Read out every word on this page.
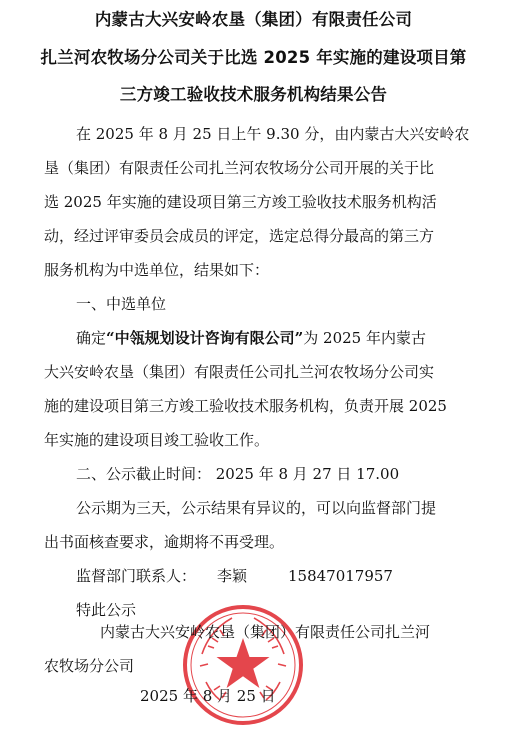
内蒙古大兴安岭农垦（集团）有限责任公司
扎兰河农牧场分公司关于比选 2025 年实施的建设项目第
三方竣工验收技术服务机构结果公告
在 2025 年 8 月 25 日上午 9.30 分，由内蒙古大兴安岭农
垦（集团）有限责任公司扎兰河农牧场分公司开展的关于比
选 2025 年实施的建设项目第三方竣工验收技术服务机构活
动，经过评审委员会成员的评定，选定总得分最高的第三方
服务机构为中选单位，结果如下：
一、中选单位
确定“中瓴规划设计咨询有限公司”为 2025 年内蒙古
大兴安岭农垦（集团）有限责任公司扎兰河农牧场分公司实
施的建设项目第三方竣工验收技术服务机构，负责开展 2025
年实施的建设项目竣工验收工作。
二、公示截止时间： 2025 年 8 月 27 日 17.00
公示期为三天，公示结果有异议的，可以向监督部门提
出书面核查要求，逾期将不再受理。
监督部门联系人： 李颖	15847017957
特此公示
内蒙古大兴安岭农垦（集团）有限责任公司扎兰河
农牧场分公司
2025 年 8 月 25 日
